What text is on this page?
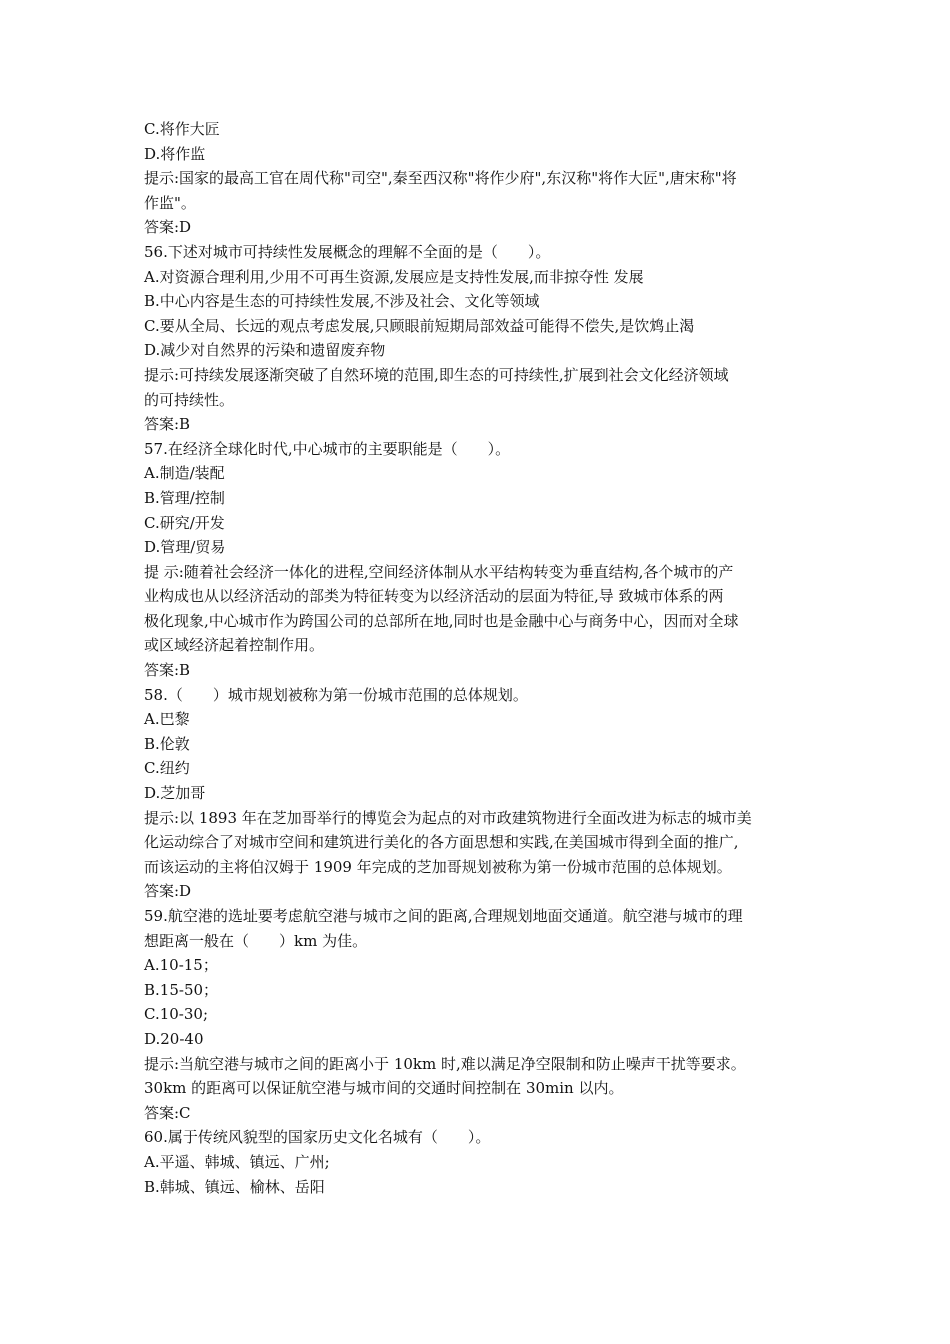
C.将作大匠
D.将作监
提示:国家的最高工官在周代称"司空",秦至西汉称"将作少府",东汉称"将作大匠",唐宋称"将
作监"。
答案:D
56.下述对城市可持续性发展概念的理解不全面的是（　　）。
A.对资源合理利用,少用不可再生资源,发展应是支持性发展,而非掠夺性 发展
B.中心内容是生态的可持续性发展,不涉及社会、文化等领域
C.要从全局、长远的观点考虑发展,只顾眼前短期局部效益可能得不偿失,是饮鸩止渴
D.减少对自然界的污染和遗留废弃物
提示:可持续发展逐渐突破了自然环境的范围,即生态的可持续性,扩展到社会文化经济领域
的可持续性。
答案:B
57.在经济全球化时代,中心城市的主要职能是（　　）。
A.制造/装配
B.管理/控制
C.研究/开发
D.管理/贸易
提 示:随着社会经济一体化的进程,空间经济体制从水平结构转变为垂直结构,各个城市的产
业构成也从以经济活动的部类为特征转变为以经济活动的层面为特征,导 致城市体系的两
极化现象,中心城市作为跨国公司的总部所在地,同时也是金融中心与商务中心，因而对全球
或区域经济起着控制作用。
答案:B
58.（　　）城市规划被称为第一份城市范围的总体规划。
A.巴黎
B.伦敦
C.纽约
D.芝加哥
提示:以 1893 年在芝加哥举行的博览会为起点的对市政建筑物进行全面改进为标志的城市美
化运动综合了对城市空间和建筑进行美化的各方面思想和实践,在美国城市得到全面的推广,
而该运动的主将伯汉姆于 1909 年完成的芝加哥规划被称为第一份城市范围的总体规划。
答案:D
59.航空港的选址要考虑航空港与城市之间的距离,合理规划地面交通道。航空港与城市的理
想距离一般在（　　）km 为佳。
A.10-15；
B.15-50；
C.10-30;
D.20-40
提示:当航空港与城市之间的距离小于 10km 时,难以满足净空限制和防止噪声干扰等要求。
30km 的距离可以保证航空港与城市间的交通时间控制在 30min 以内。
答案:C
60.属于传统风貌型的国家历史文化名城有（　　）。
A.平遥、韩城、镇远、广州;
B.韩城、镇远、榆林、岳阳
